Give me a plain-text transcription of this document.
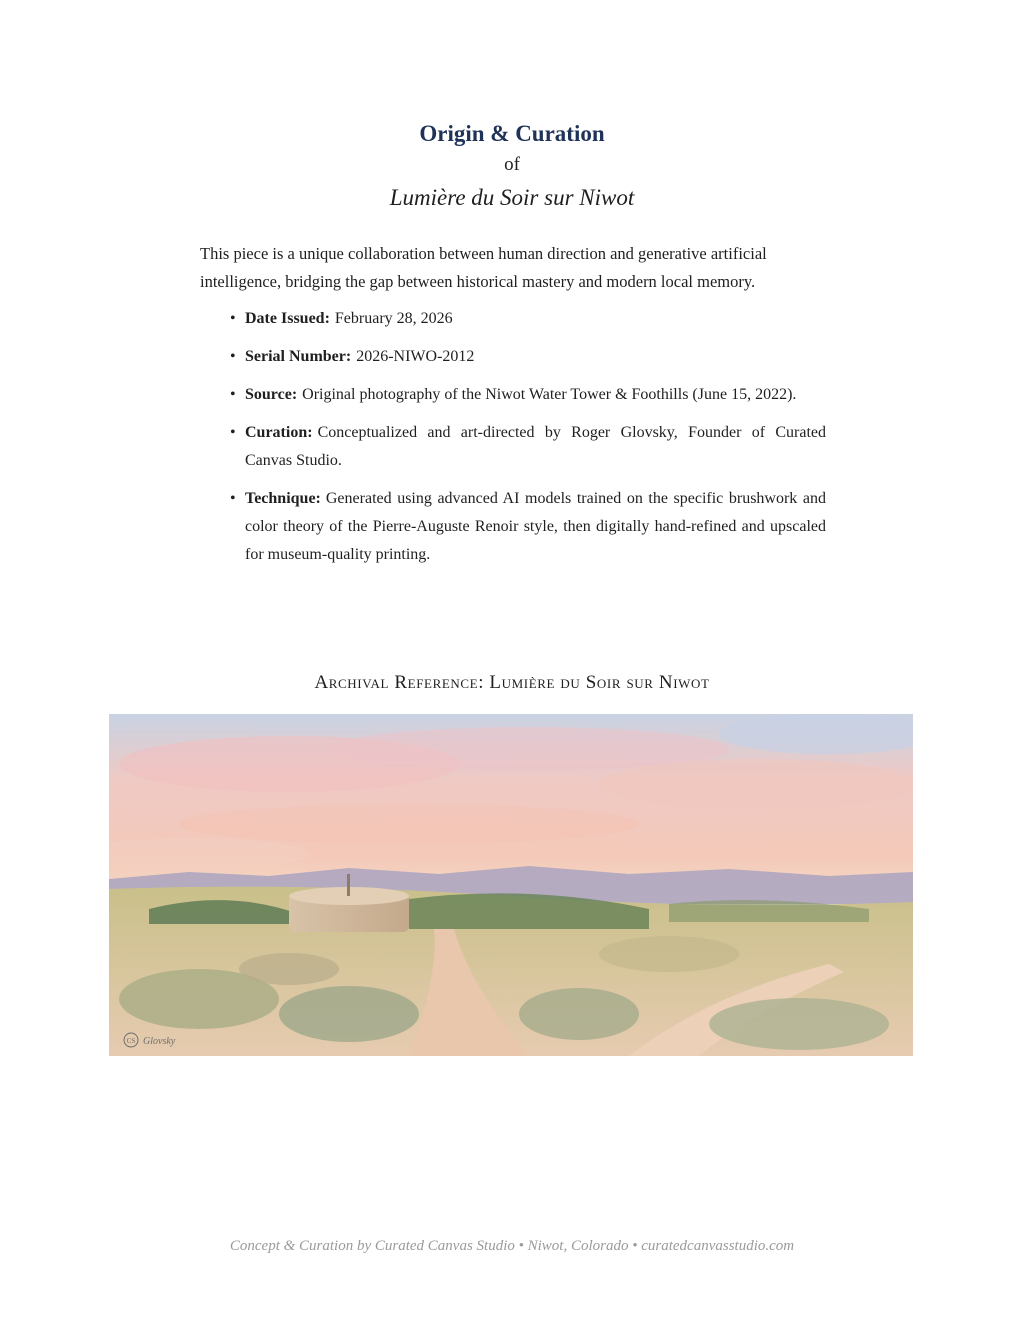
Origin & Curation

of

Lumière du Soir sur Niwot

This piece is a unique collaboration between human direction and generative artificial intelligence, bridging the gap between historical mastery and modern local memory.

• Date Issued: February 28, 2026
• Serial Number: 2026-NIWO-2012
• Source: Original photography of the Niwot Water Tower & Foothills (June 15, 2022).
• Curation: Conceptualized and art-directed by Roger Glovsky, Founder of Curated Canvas Studio.
• Technique: Generated using advanced AI models trained on the specific brushwork and color theory of the Pierre-Auguste Renoir style, then digitally hand-refined and upscaled for museum-quality printing.

Archival Reference: Lumière du Soir sur Niwot

CS Glovsky

Concept & Curation by Curated Canvas Studio • Niwot, Colorado • curatedcanvasstudio.com
